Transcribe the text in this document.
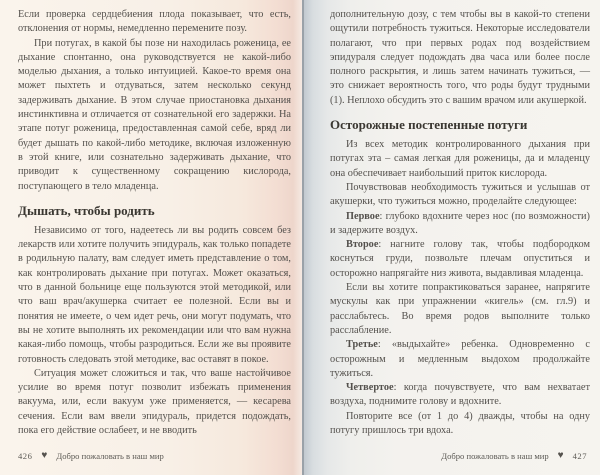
Если проверка сердцебиения плода показывает, что есть, отклонения от нормы, немедленно перемените позу.

При потугах, в какой бы позе ни находилась роженица, ее дыхание спонтанно, она руководствуется не какой-либо моделью дыхания, а только интуицией. Какое-то время она может пыхтеть и отдуваться, затем несколько секунд задерживать дыхание. В этом случае приостановка дыхания инстинктивна и отличается от сознательной его задержки. На этапе потуг роженица, предоставленная самой себе, вряд ли будет дышать по какой-либо методике, включая изложенную в этой книге, или сознательно задерживать дыхание, что приводит к существенному сокращению кислорода, поступающего в тело младенца.

Дышать, чтобы родить

Независимо от того, надеетесь ли вы родить совсем без лекарств или хотите получить эпидураль, как только попадете в родильную палату, вам следует иметь представление о том, как контролировать дыхание при потугах. Может оказаться, что в данной больнице еще пользуются этой методикой, или что ваш врач/акушерка считает ее полезной. Если вы и понятия не имеете, о чем идет речь, они могут подумать, что вы не хотите выполнять их рекомендации или что вам нужна какая-либо помощь, чтобы разродиться. Если же вы проявите готовность следовать этой методике, вас оставят в покое.

Ситуация может сложиться и так, что ваше настойчивое усилие во время потуг позволит избежать применения вакуума, или, если вакуум уже применяется, — кесарева сечения. Если вам ввели эпидураль, придется подождать, пока его действие ослабеет, и не вводить

426 ♥ Добро пожаловать в наш мир

дополнительную дозу, с тем чтобы вы в какой-то степени ощутили потребность тужиться. Некоторые исследователи полагают, что при первых родах под воздействием эпидураля следует подождать два часа или более после полного раскрытия, и лишь затем начинать тужиться, — это снижает вероятность того, что роды будут трудными (1). Неплохо обсудить это с вашим врачом или акушеркой.

Осторожные постепенные потуги

Из всех методик контролированного дыхания при потугах эта – самая легкая для роженицы, да и младенцу она обеспечивает наибольший приток кислорода.

Почувствовав необходимость тужиться и услышав от акушерки, что тужиться можно, проделайте следующее:

Первое: глубоко вдохните через нос (по возможности) и задержите воздух.

Второе: нагните голову так, чтобы подбородком коснуться груди, позвольте плечам опуститься и осторожно напрягайте низ живота, выдавливая младенца.

Если вы хотите попрактиковаться заранее, напрягите мускулы как при упражнении «кигель» (см. гл.9) и расслабьтесь. Во время родов выполните только расслабление.

Третье: «выдыхайте» ребенка. Одновременно с осторожным и медленным выдохом продолжайте тужиться.

Четвертое: когда почувствуете, что вам нехватает воздуха, поднимите голову и вдохните.

Повторите все (от 1 до 4) дважды, чтобы на одну потугу пришлось три вдоха.

Добро пожаловать в наш мир ♥ 427
